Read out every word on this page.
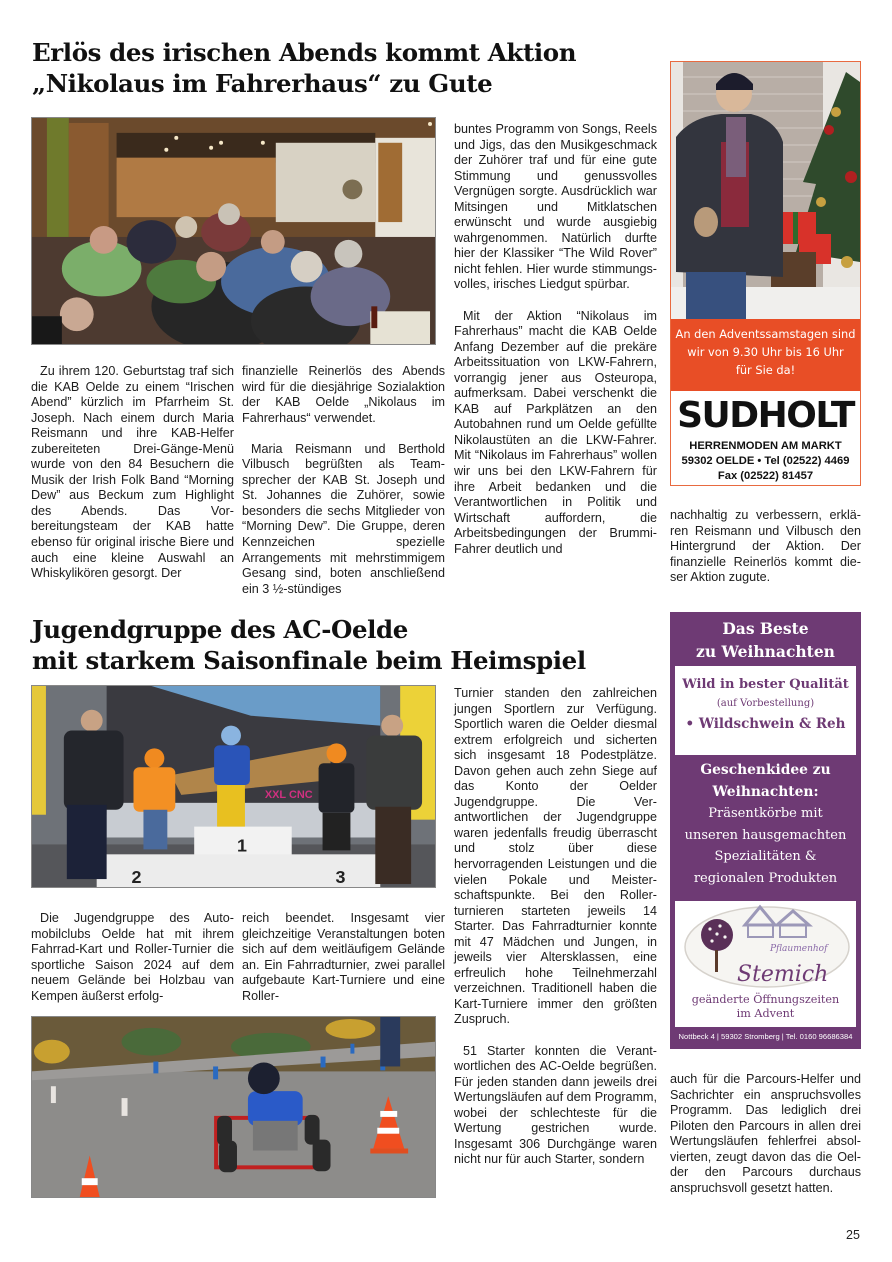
Erlös des irischen Abends kommt Aktion
„Nikolaus im Fahrerhaus“ zu Gute

Zu ihrem 120. Geburtstag traf sich die KAB Oelde zu einem “Irischen Abend” kürzlich im Pfarrheim St. Joseph. Nach einem durch Maria Reismann und ihre KAB-Helfer zubereiteten Drei-Gänge-Menü wurde von den 84 Besuchern die Musik der Irish Folk Band “Morning Dew” aus Beckum zum Highlight des Abends. Das Vorbereitungsteam der KAB hatte ebenso für original irische Biere und auch eine kleine Auswahl an Whiskylikören gesorgt. Der

finanzielle Reinerlös des Abends wird für die diesjährige Sozialaktion der KAB Oelde „Nikolaus im Fahrerhaus“ verwendet.

Maria Reismann und Berthold Vilbusch begrüßten als Teamsprecher der KAB St. Joseph und St. Johannes die Zuhörer, sowie besonders die sechs Mitglieder von “Morning Dew”. Die Gruppe, deren Kennzeichen spezielle Arrangements mit mehrstimmigem Gesang sind, boten anschließend ein 3 ½-stündiges

buntes Programm von Songs, Reels und Jigs, das den Musikgeschmack der Zuhörer traf und für eine gute Stimmung und genussvolles Vergnügen sorgte. Ausdrücklich war Mitsingen und Mitklatschen erwünscht und wurde ausgiebig wahrgenommen. Natürlich durfte hier der Klassiker “The Wild Rover” nicht fehlen. Hier wurde stimmungsvolles, irisches Liedgut spürbar.

Mit der Aktion “Nikolaus im Fahrerhaus” macht die KAB Oelde Anfang Dezember auf die prekäre Arbeitssituation von LKW-Fahrern, vorrangig jener aus Osteuropa, aufmerksam. Dabei verschenkt die KAB auf Parkplätzen an den Autobahnen rund um Oelde gefüllte Nikolaustüten an die LKW-Fahrer. Mit “Nikolaus im Fahrerhaus” wollen wir uns bei den LKW-Fahrern für ihre Arbeit bedanken und die Verantwortlichen in Politik und Wirtschaft auffordern, die Arbeitsbedingungen der Brummi-Fahrer deutlich und

nachhaltig zu verbessern, erklären Reismann und Vilbusch den Hintergrund der Aktion. Der finanzielle Reinerlös kommt dieser Aktion zugute.

An den Adventssamstagen sind
wir von 9.30 Uhr bis 16 Uhr
für Sie da!
SUDHOLT
HERRENMODEN AM MARKT
59302 OELDE • Tel (02522) 4469
Fax (02522) 81457
Jugendgruppe des AC-Oelde
mit starkem Saisonfinale beim Heimspiel
XXL CNC
1
2	3

Die Jugendgruppe des Automobilclubs Oelde hat mit ihrem Fahrrad-Kart und Roller-Turnier die sportliche Saison 2024 auf dem neuem Gelände bei Holzbau van Kempen äußerst erfolg-

reich beendet. Insgesamt vier gleichzeitige Veranstaltungen boten sich auf dem weitläufigem Gelände an. Ein Fahrradturnier, zwei parallel aufgebaute Kart-Turniere und eine Roller-

Turnier standen den zahlreichen jungen Sportlern zur Verfügung. Sportlich waren die Oelder diesmal extrem erfolgreich und sicherten sich insgesamt 18 Podestplätze. Davon gehen auch zehn Siege auf das Konto der Oelder Jugendgruppe. Die Verantwortlichen der Jugendgruppe waren jedenfalls freudig überrascht und stolz über diese hervorragenden Leistungen und die vielen Pokale und Meisterschaftspunkte. Bei den Rollerturnieren starteten jeweils 14 Starter. Das Fahrradturnier konnte mit 47 Mädchen und Jungen, in jeweils vier Altersklassen, eine erfreulich hohe Teilnehmerzahl verzeichnen. Traditionell haben die Kart-Turniere immer den größten Zuspruch.

51 Starter konnten die Verantwortlichen des AC-Oelde begrüßen. Für jeden standen dann jeweils drei Wertungsläufen auf dem Programm, wobei der schlechteste für die Wertung gestrichen wurde. Insgesamt 306 Durchgänge waren nicht nur für auch Starter, sondern

auch für die Parcours-Helfer und Sachrichter ein anspruchsvolles Programm. Das lediglich drei Piloten den Parcours in allen drei Wertungsläufen fehlerfrei absolvierten, zeugt davon das die Oelder den Parcours durchaus anspruchsvoll gesetzt hatten.

Das Beste
zu Weihnachten
Wild in bester Qualität
(auf Vorbestellung)
• Wildschwein & Reh
Geschenkidee zu
Weihnachten:
Präsentkörbe mit
unseren hausgemachten
Spezialitäten &
regionalen Produkten
Pflaumenhof
Stemich
geänderte Öffnungszeiten
im Advent
Nottbeck 4 | 59302 Stromberg | Tel. 0160 96686384
25
